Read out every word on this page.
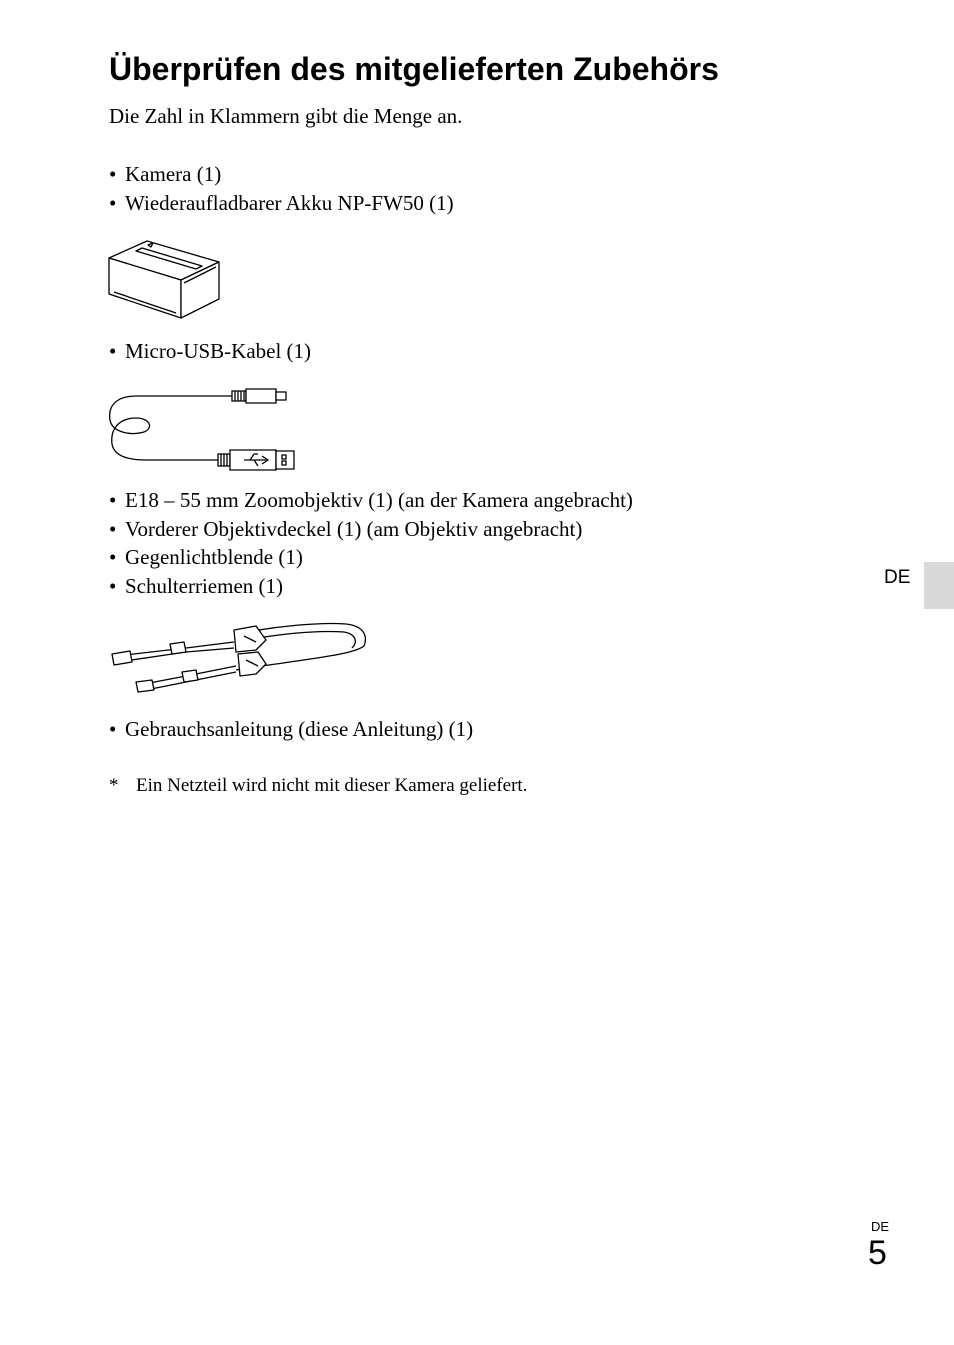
Überprüfen des mitgelieferten Zubehörs
Die Zahl in Klammern gibt die Menge an.
• Kamera (1)
• Wiederaufladbarer Akku NP-FW50 (1)
• Micro-USB-Kabel (1)
• E18 – 55 mm Zoomobjektiv (1) (an der Kamera angebracht)
• Vorderer Objektivdeckel (1) (am Objektiv angebracht)
• Gegenlichtblende (1)
• Schulterriemen (1)
• Gebrauchsanleitung (diese Anleitung) (1)
* Ein Netzteil wird nicht mit dieser Kamera geliefert.
DE
DE
5
